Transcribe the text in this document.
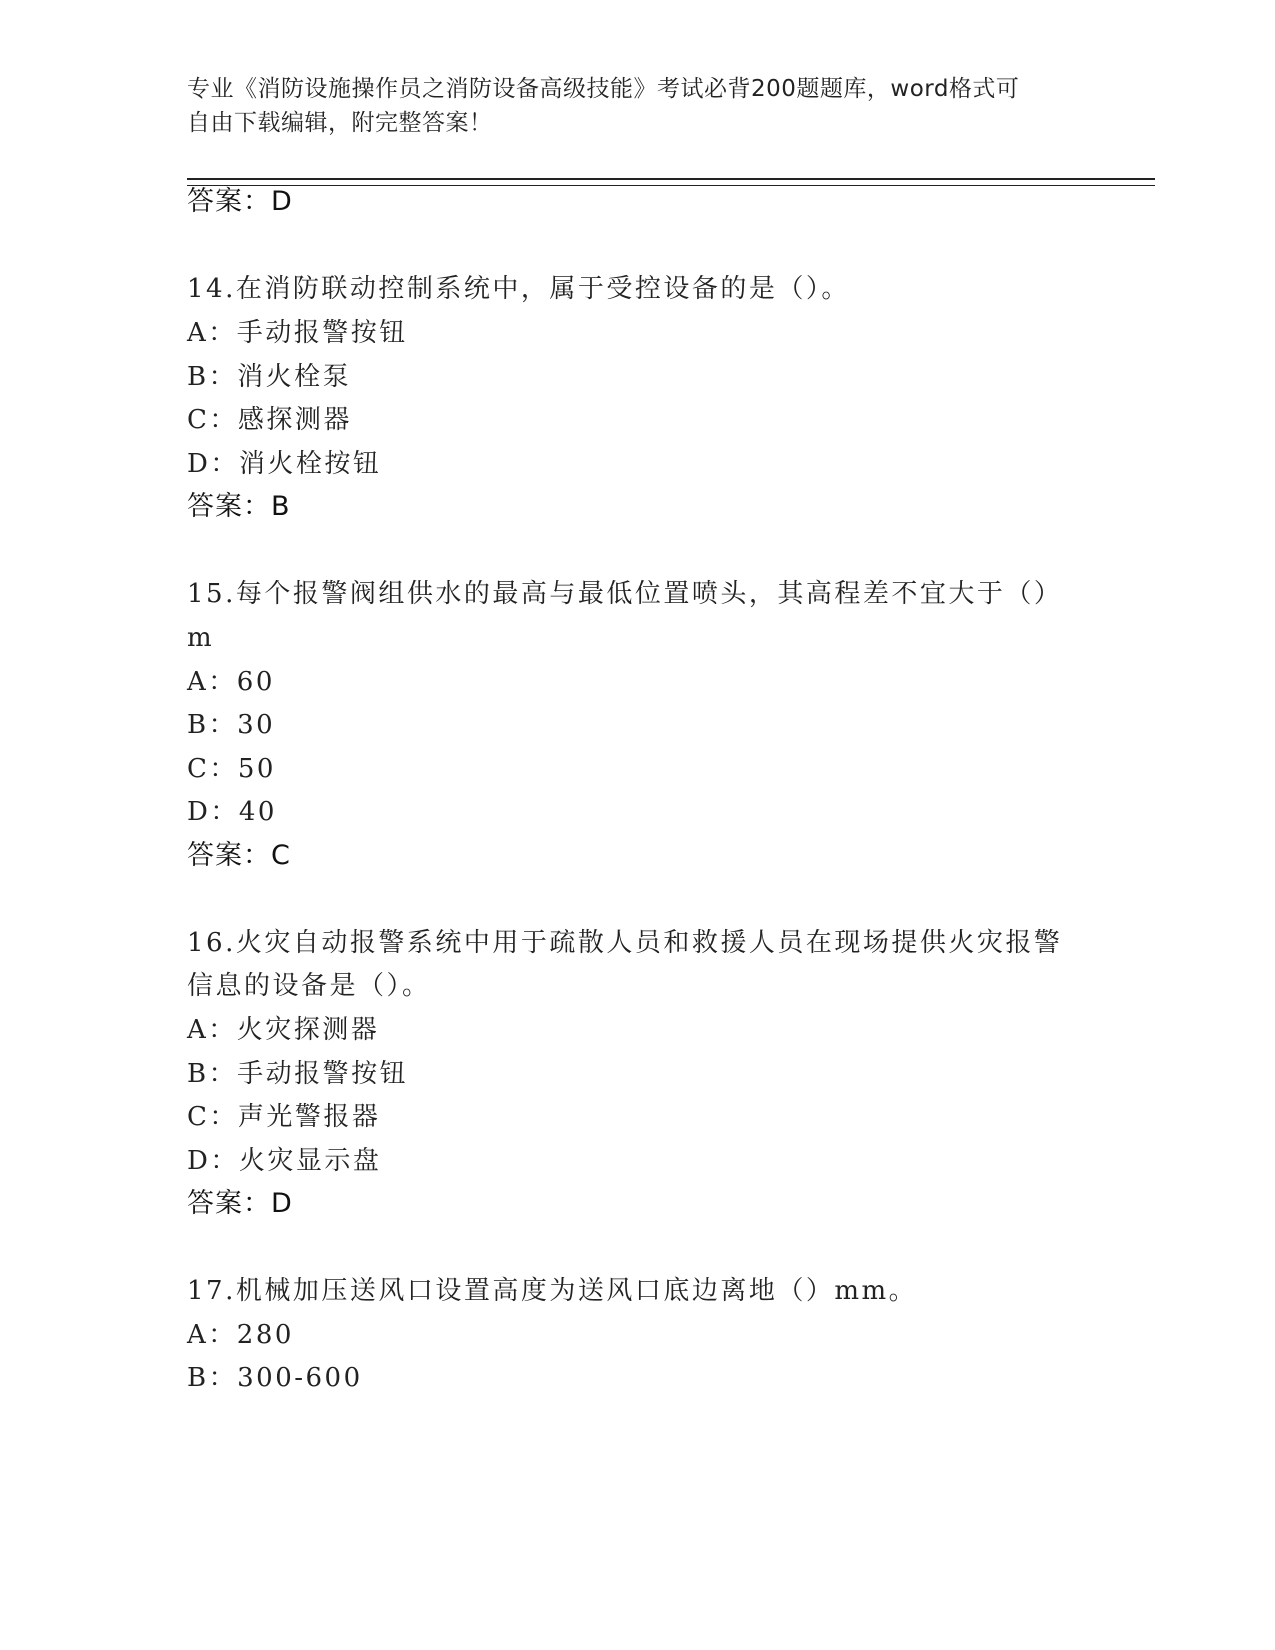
专业《消防设施操作员之消防设备高级技能》考试必背200题题库，word格式可
自由下载编辑，附完整答案！
答案：D
14.在消防联动控制系统中，属于受控设备的是（）。
A：手动报警按钮
B：消火栓泵
C：感探测器
D：消火栓按钮
答案：B
15.每个报警阀组供水的最高与最低位置喷头，其高程差不宜大于（）
m
A：60
B：30
C：50
D：40
答案：C
16.火灾自动报警系统中用于疏散人员和救援人员在现场提供火灾报警
信息的设备是（）。
A：火灾探测器
B：手动报警按钮
C：声光警报器
D：火灾显示盘
答案：D
17.机械加压送风口设置高度为送风口底边离地（）mm。
A：280
B：300-600
